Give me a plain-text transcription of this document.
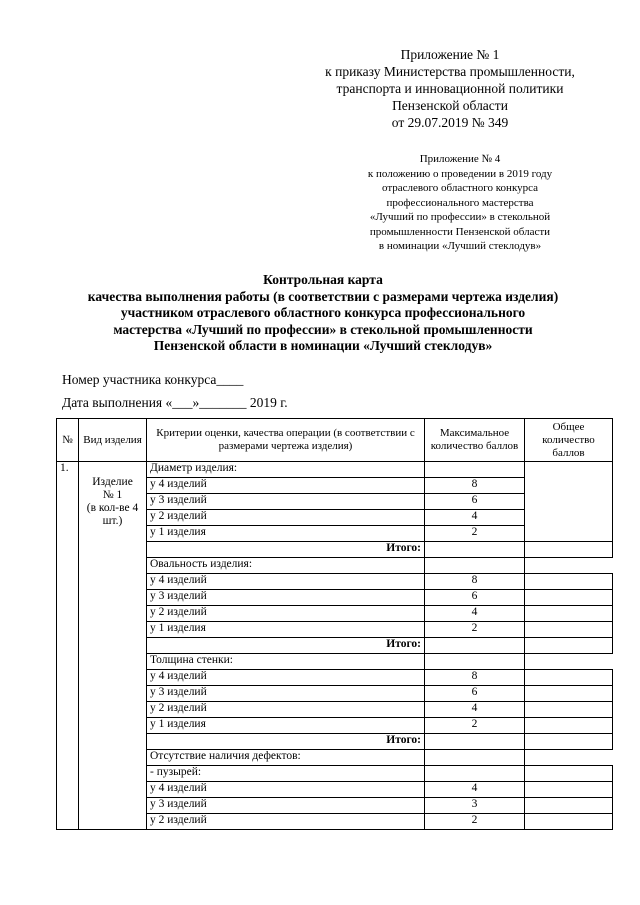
Приложение № 1
к приказу Министерства промышленности,
транспорта и инновационной политики
Пензенской области
от 29.07.2019 № 349
Приложение № 4
к положению о проведении в 2019 году
отраслевого областного конкурса
профессионального мастерства
«Лучший по профессии» в стекольной
промышленности Пензенской области
в номинации «Лучший стеклодув»
Контрольная карта
качества выполнения работы (в соответствии с размерами чертежа изделия)
участником отраслевого областного конкурса профессионального
мастерства «Лучший по профессии» в стекольной промышленности
Пензенской области в номинации «Лучший стеклодув»
Номер участника конкурса____
Дата выполнения «___»_______ 2019 г.
№	Вид изделия	Критерии оценки, качества операции (в соответствии с размерами чертежа изделия)	Максимальное количество баллов	Общее количество баллов
1.	Изделие
№ 1
(в кол-ве 4 шт.)	Диаметр изделия:		
		у 4 изделий	8	
		у 3 изделий	6	
		у 2 изделий	4	
		у 1 изделия	2	
		Итого:		
		Овальность изделия:		
		у 4 изделий	8	
		у 3 изделий	6	
		у 2 изделий	4	
		у 1 изделия	2	
		Итого:		
		Толщина стенки:		
		у 4 изделий	8	
		у 3 изделий	6	
		у 2 изделий	4	
		у 1 изделия	2	
		Итого:		
		Отсутствие наличия дефектов:		
		- пузырей:		
		у 4 изделий	4	
		у 3 изделий	3	
		у 2 изделий	2	
